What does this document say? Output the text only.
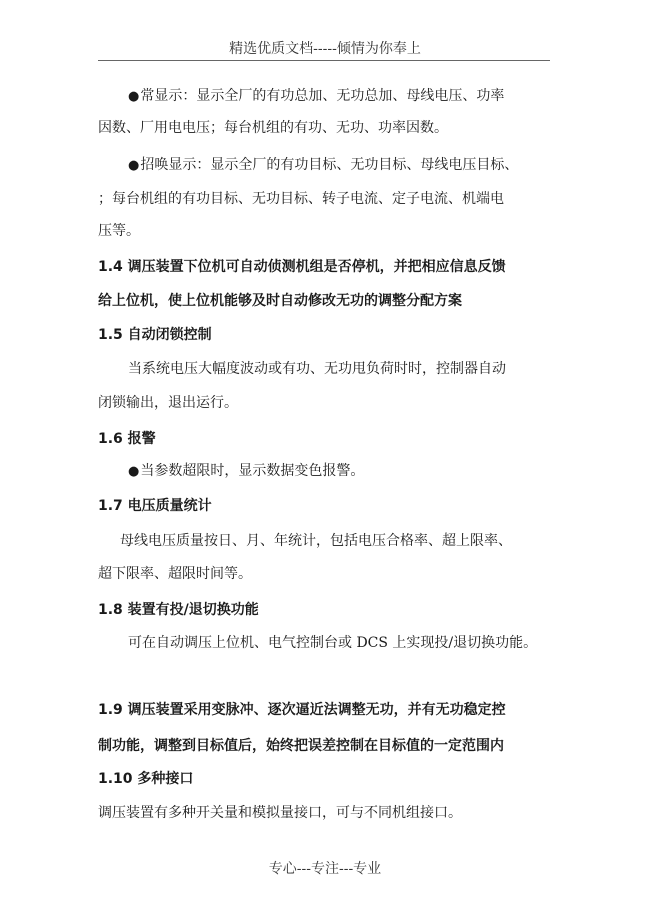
精选优质文档-----倾情为你奉上
●常显示：显示全厂的有功总加、无功总加、母线电压、功率
因数、厂用电电压；每台机组的有功、无功、功率因数。
●招唤显示：显示全厂的有功目标、无功目标、母线电压目标、
；每台机组的有功目标、无功目标、转子电流、定子电流、机端电
压等。
1.4 调压装置下位机可自动侦测机组是否停机，并把相应信息反馈
给上位机，使上位机能够及时自动修改无功的调整分配方案
1.5 自动闭锁控制
当系统电压大幅度波动或有功、无功甩负荷时时，控制器自动
闭锁输出，退出运行。
1.6 报警
●当参数超限时，显示数据变色报警。
1.7 电压质量统计
母线电压质量按日、月、年统计，包括电压合格率、超上限率、
超下限率、超限时间等。
1.8 装置有投/退切换功能
可在自动调压上位机、电气控制台或 DCS 上实现投/退切换功能。
1.9 调压装置采用变脉冲、逐次逼近法调整无功，并有无功稳定控
制功能，调整到目标值后，始终把误差控制在目标值的一定范围内
1.10 多种接口
调压装置有多种开关量和模拟量接口，可与不同机组接口。
专心---专注---专业
